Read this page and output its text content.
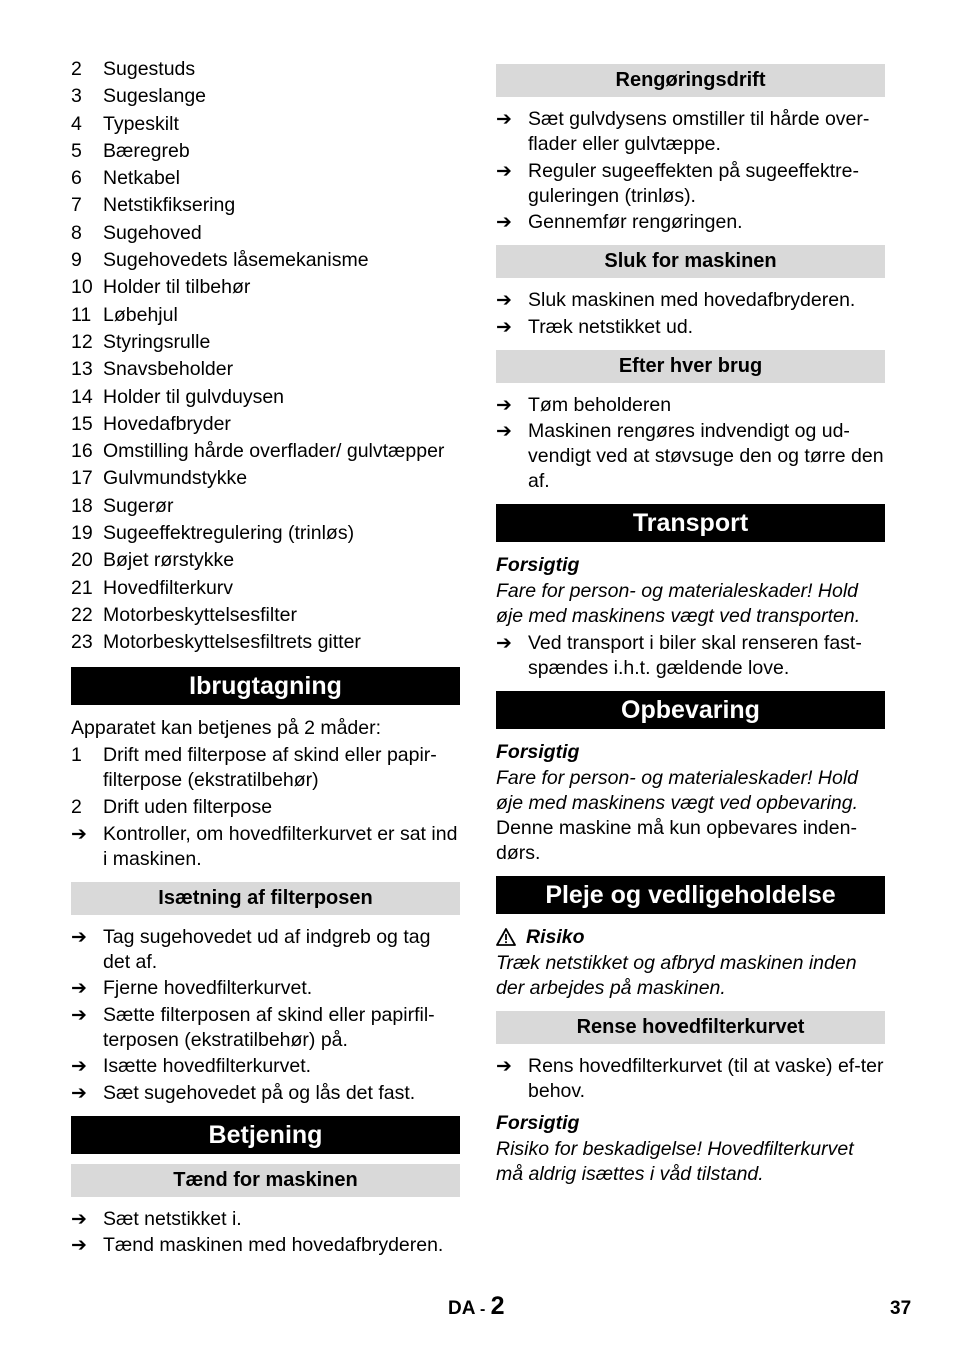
2	Sugestuds
3	Sugeslange
4	Typeskilt
5	Bæregreb
6	Netkabel
7	Netstikfiksering
8	Sugehoved
9	Sugehovedets låsemekanisme
10 Holder til tilbehør
11 Løbehjul
12 Styringsrulle
13 Snavsbeholder
14 Holder til gulvduysen
15 Hovedafbryder
16 Omstilling hårde overflader/ gulvtæpper
17 Gulvmundstykke
18 Sugerør
19 Sugeeffektregulering (trinløs)
20 Bøjet rørstykke
21 Hovedfilterkurv
22 Motorbeskyttelsesfilter
23 Motorbeskyttelsesfiltrets gitter
Ibrugtagning
Apparatet kan betjenes på 2 måder:
1	Drift med filterpose af skind eller papir-filterpose (ekstratilbehør)
2	Drift uden filterpose
➔ Kontroller, om hovedfilterkurvet er sat ind i maskinen.
Isætning af filterposen
➔ Tag sugehovedet ud af indgreb og tag det af.
➔ Fjerne hovedfilterkurvet.
➔ Sætte filterposen af skind eller papirfil-terposen (ekstratilbehør) på.
➔ Isætte hovedfilterkurvet.
➔ Sæt sugehovedet på og lås det fast.
Betjening
Tænd for maskinen
➔ Sæt netstikket i.
➔ Tænd maskinen med hovedafbryderen.
Rengøringsdrift
➔ Sæt gulvdysens omstiller til hårde over-flader eller gulvtæppe.
➔ Reguler sugeeffekten på sugeeffektre-guleringen (trinløs).
➔ Gennemfør rengøringen.
Sluk for maskinen
➔ Sluk maskinen med hovedafbryderen.
➔ Træk netstikket ud.
Efter hver brug
➔ Tøm beholderen
➔ Maskinen rengøres indvendigt og ud-vendigt ved at støvsuge den og tørre den af.
Transport
Forsigtig
Fare for person- og materialeskader! Hold øje med maskinens vægt ved transporten.
➔ Ved transport i biler skal renseren fast-spændes i.h.t. gældende love.
Opbevaring
Forsigtig
Fare for person- og materialeskader! Hold øje med maskinens vægt ved opbevaring.
Denne maskine må kun opbevares inden-dørs.
Pleje og vedligeholdelse
Risiko
Træk netstikket og afbryd maskinen inden der arbejdes på maskinen.
Rense hovedfilterkurvet
➔ Rens hovedfilterkurvet (til at vaske) ef-ter behov.
Forsigtig
Risiko for beskadigelse! Hovedfilterkurvet må aldrig isættes i våd tilstand.
DA - 2	37
